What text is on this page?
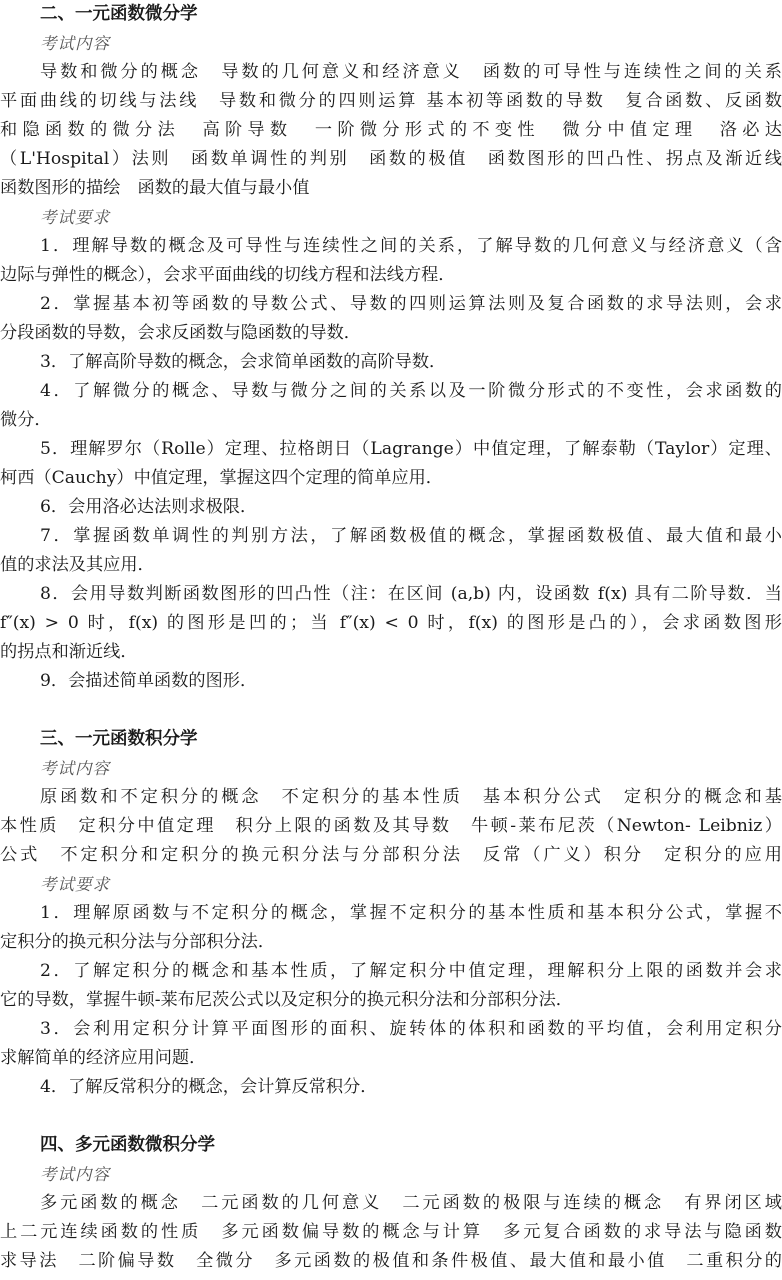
二、一元函数微分学
考试内容
导数和微分的概念　导数的几何意义和经济意义　函数的可导性与连续性之间的关系
平面曲线的切线与法线　导数和微分的四则运算 基本初等函数的导数　复合函数、反函数
和隐函数的微分法　高阶导数　一阶微分形式的不变性　微分中值定理　洛必达
（L'Hospital）法则　函数单调性的判别　函数的极值　函数图形的凹凸性、拐点及渐近线
函数图形的描绘　函数的最大值与最小值
考试要求
1．理解导数的概念及可导性与连续性之间的关系，了解导数的几何意义与经济意义（含
边际与弹性的概念），会求平面曲线的切线方程和法线方程．
2．掌握基本初等函数的导数公式、导数的四则运算法则及复合函数的求导法则，会求
分段函数的导数，会求反函数与隐函数的导数．
3．了解高阶导数的概念，会求简单函数的高阶导数．
4．了解微分的概念、导数与微分之间的关系以及一阶微分形式的不变性，会求函数的
微分．
5．理解罗尔（Rolle）定理、拉格朗日（Lagrange）中值定理，了解泰勒（Taylor）定理、
柯西（Cauchy）中值定理，掌握这四个定理的简单应用．
6．会用洛必达法则求极限．
7．掌握函数单调性的判别方法，了解函数极值的概念，掌握函数极值、最大值和最小
值的求法及其应用．
8．会用导数判断函数图形的凹凸性（注：在区间 (a,b) 内，设函数 f(x) 具有二阶导数．当
f″(x) > 0 时，f(x) 的图形是凹的；当 f″(x) < 0 时，f(x) 的图形是凸的），会求函数图形
的拐点和渐近线．
9．会描述简单函数的图形．
三、一元函数积分学
考试内容
原函数和不定积分的概念　不定积分的基本性质　基本积分公式　定积分的概念和基
本性质　定积分中值定理　积分上限的函数及其导数　牛顿-莱布尼茨（Newton- Leibniz）
公式　不定积分和定积分的换元积分法与分部积分法　反常（广义）积分　定积分的应用
考试要求
1．理解原函数与不定积分的概念，掌握不定积分的基本性质和基本积分公式，掌握不
定积分的换元积分法与分部积分法．
2．了解定积分的概念和基本性质，了解定积分中值定理，理解积分上限的函数并会求
它的导数，掌握牛顿-莱布尼茨公式以及定积分的换元积分法和分部积分法．
3．会利用定积分计算平面图形的面积、旋转体的体积和函数的平均值，会利用定积分
求解简单的经济应用问题．
4．了解反常积分的概念，会计算反常积分．
四、多元函数微积分学
考试内容
多元函数的概念　二元函数的几何意义　二元函数的极限与连续的概念　有界闭区域
上二元连续函数的性质　多元函数偏导数的概念与计算　多元复合函数的求导法与隐函数
求导法　二阶偏导数　全微分　多元函数的极值和条件极值、最大值和最小值　二重积分的
